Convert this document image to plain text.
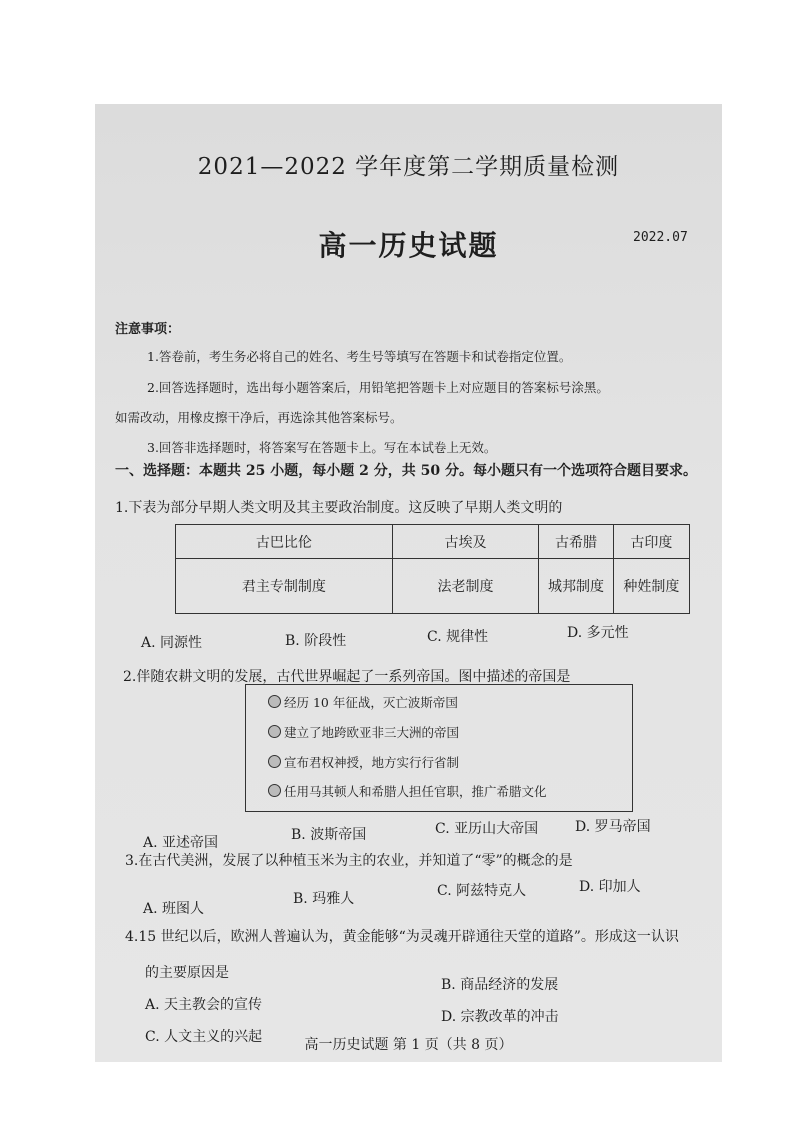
2021—2022 学年度第二学期质量检测
高一历史试题	2022.07
注意事项：
1.答卷前，考生务必将自己的姓名、考生号等填写在答题卡和试卷指定位置。
2.回答选择题时，选出每小题答案后，用铅笔把答题卡上对应题目的答案标号涂黑。
如需改动，用橡皮擦干净后，再选涂其他答案标号。
3.回答非选择题时，将答案写在答题卡上。写在本试卷上无效。
一、选择题：本题共 25 小题，每小题 2 分，共 50 分。每小题只有一个选项符合题目要求。
1.下表为部分早期人类文明及其主要政治制度。这反映了早期人类文明的
古巴比伦	古埃及	古希腊	古印度
君主专制制度	法老制度	城邦制度	种姓制度
A. 同源性	B. 阶段性	C. 规律性	D. 多元性
2.伴随农耕文明的发展，古代世界崛起了一系列帝国。图中描述的帝国是
经历 10 年征战，灭亡波斯帝国
建立了地跨欧亚非三大洲的帝国
宣布君权神授，地方实行行省制
任用马其顿人和希腊人担任官职，推广希腊文化
A. 亚述帝国	B. 波斯帝国	C. 亚历山大帝国	D. 罗马帝国
3.在古代美洲，发展了以种植玉米为主的农业，并知道了“零”的概念的是
A. 班图人
B. 玛雅人	C. 阿兹特克人	D. 印加人
4.15 世纪以后，欧洲人普遍认为，黄金能够“为灵魂开辟通往天堂的道路”。形成这一认识
的主要原因是
A. 天主教会的宣传
B. 商品经济的发展
C. 人文主义的兴起
D. 宗教改革的冲击
高一历史试题 第 1 页（共 8 页）
